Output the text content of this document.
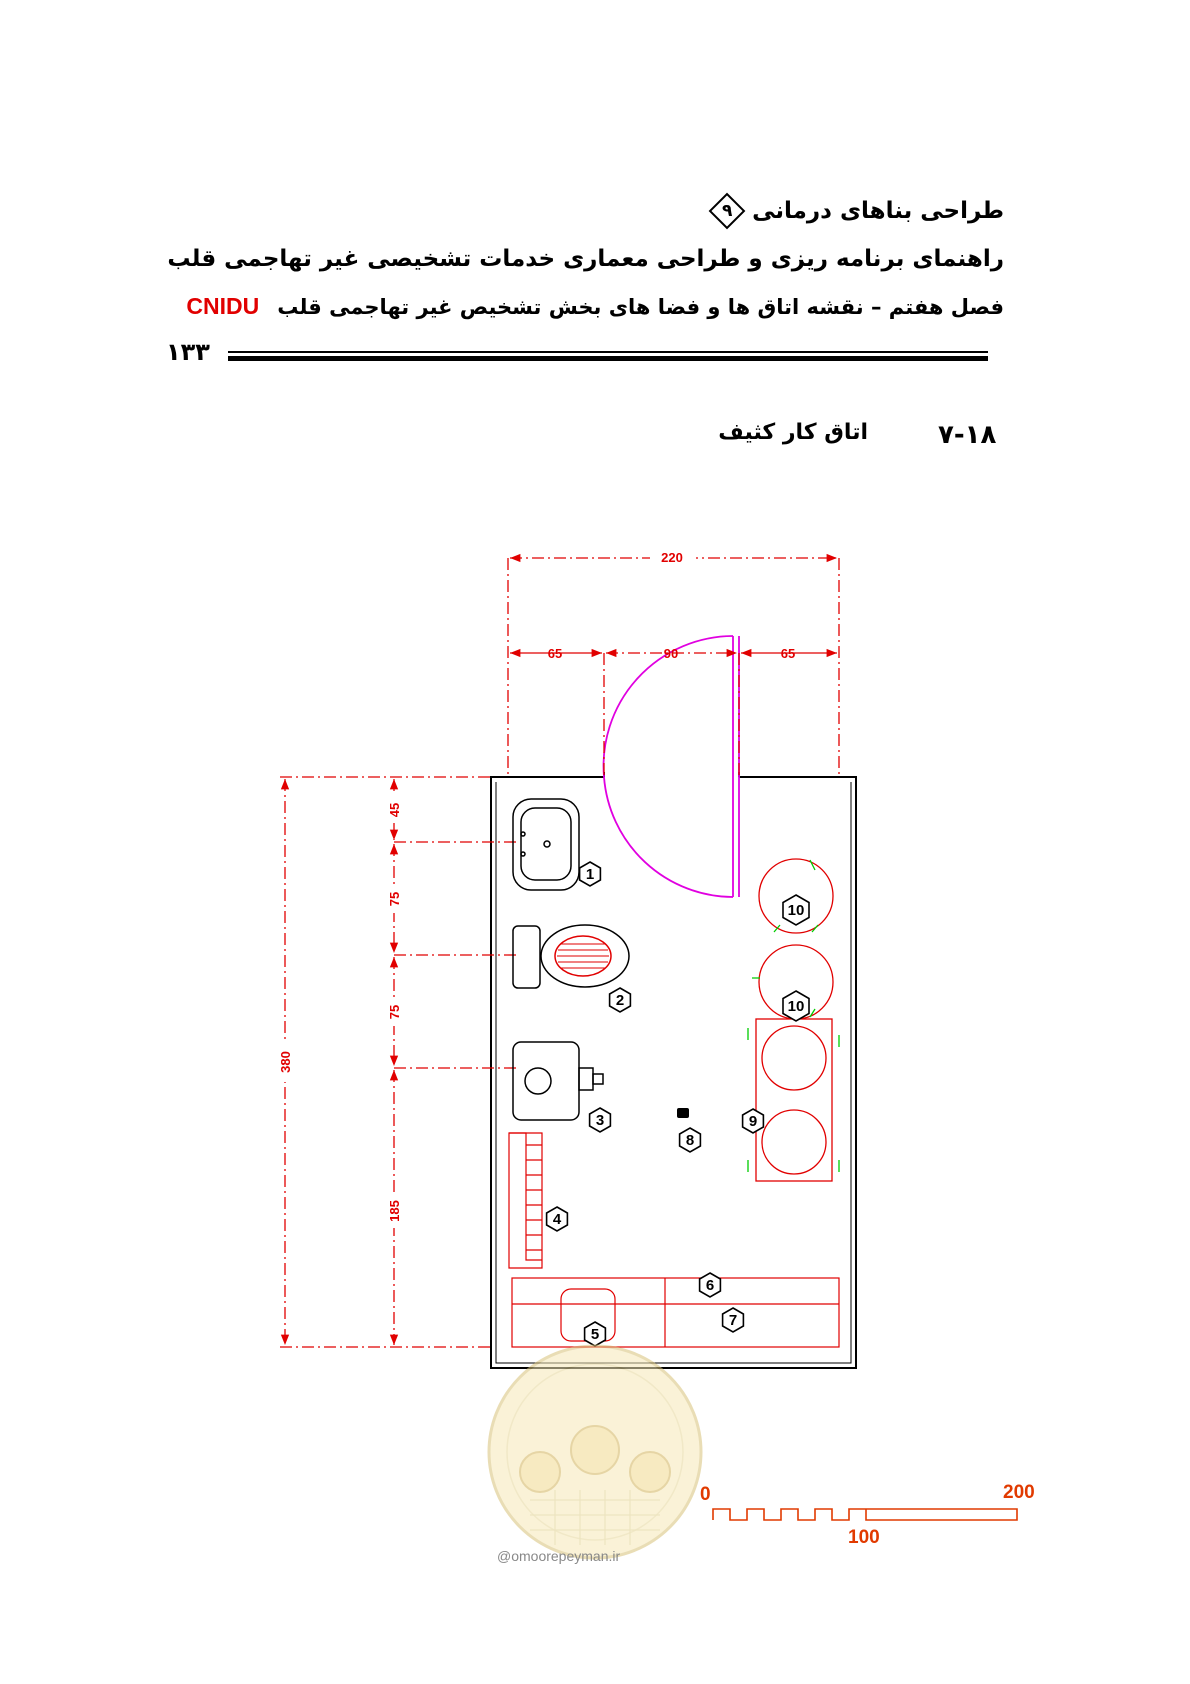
طراحی بناهای درمانی
۹
راهنمای برنامه ریزی و طراحی معماری خدمات تشخیصی غیر تهاجمی قلب
فصل هفتم – نقشه اتاق ها و فضا های بخش تشخیص غیر تهاجمی قلب
CNIDU
۱۳۳
۷-۱۸
اتاق کار کثیف
220
65	90	65
380
45
75
75
185
1
2
3
4
5
6
7
8
9
10
10
0
100
200
@omoorepeyman.ir
